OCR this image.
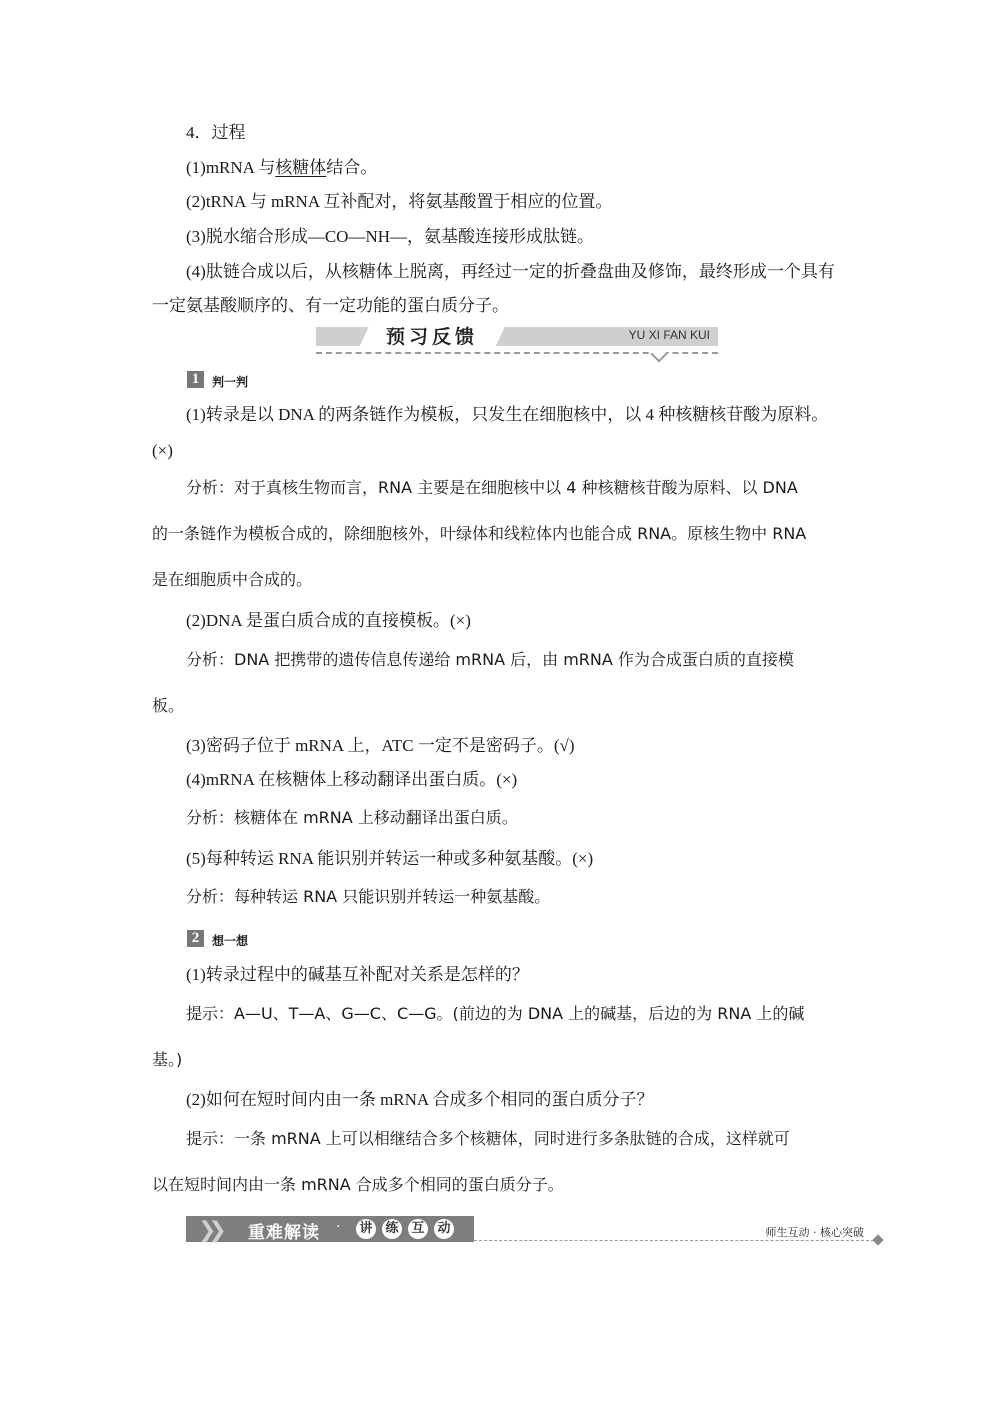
4．过程
(1)mRNA 与核糖体结合。
(2)tRNA 与 mRNA 互补配对，将氨基酸置于相应的位置。
(3)脱水缩合形成—CO—NH—，氨基酸连接形成肽链。
(4)肽链合成以后，从核糖体上脱离，再经过一定的折叠盘曲及修饰，最终形成一个具有
一定氨基酸顺序的、有一定功能的蛋白质分子。
预习反馈	YU XI FAN KUI
1	判一判
(1)转录是以 DNA 的两条链作为模板，只发生在细胞核中，以 4 种核糖核苷酸为原料。
(×)
分析：对于真核生物而言，RNA 主要是在细胞核中以 4 种核糖核苷酸为原料、以 DNA
的一条链作为模板合成的，除细胞核外，叶绿体和线粒体内也能合成 RNA。原核生物中 RNA
是在细胞质中合成的。
(2)DNA 是蛋白质合成的直接模板。(×)
分析：DNA 把携带的遗传信息传递给 mRNA 后，由 mRNA 作为合成蛋白质的直接模
板。
(3)密码子位于 mRNA 上，ATC 一定不是密码子。(√)
(4)mRNA 在核糖体上移动翻译出蛋白质。(×)
分析：核糖体在 mRNA 上移动翻译出蛋白质。
(5)每种转运 RNA 能识别并转运一种或多种氨基酸。(×)
分析：每种转运 RNA 只能识别并转运一种氨基酸。
2	想一想
(1)转录过程中的碱基互补配对关系是怎样的？
提示：A—U、T—A、G—C、C—G。(前边的为 DNA 上的碱基，后边的为 RNA 上的碱
基。)
(2)如何在短时间内由一条 mRNA 合成多个相同的蛋白质分子？
提示：一条 mRNA 上可以相继结合多个核糖体，同时进行多条肽链的合成，这样就可
以在短时间内由一条 mRNA 合成多个相同的蛋白质分子。
❯❯ 重难解读 · 讲 练 互 动	师生互动 · 核心突破
